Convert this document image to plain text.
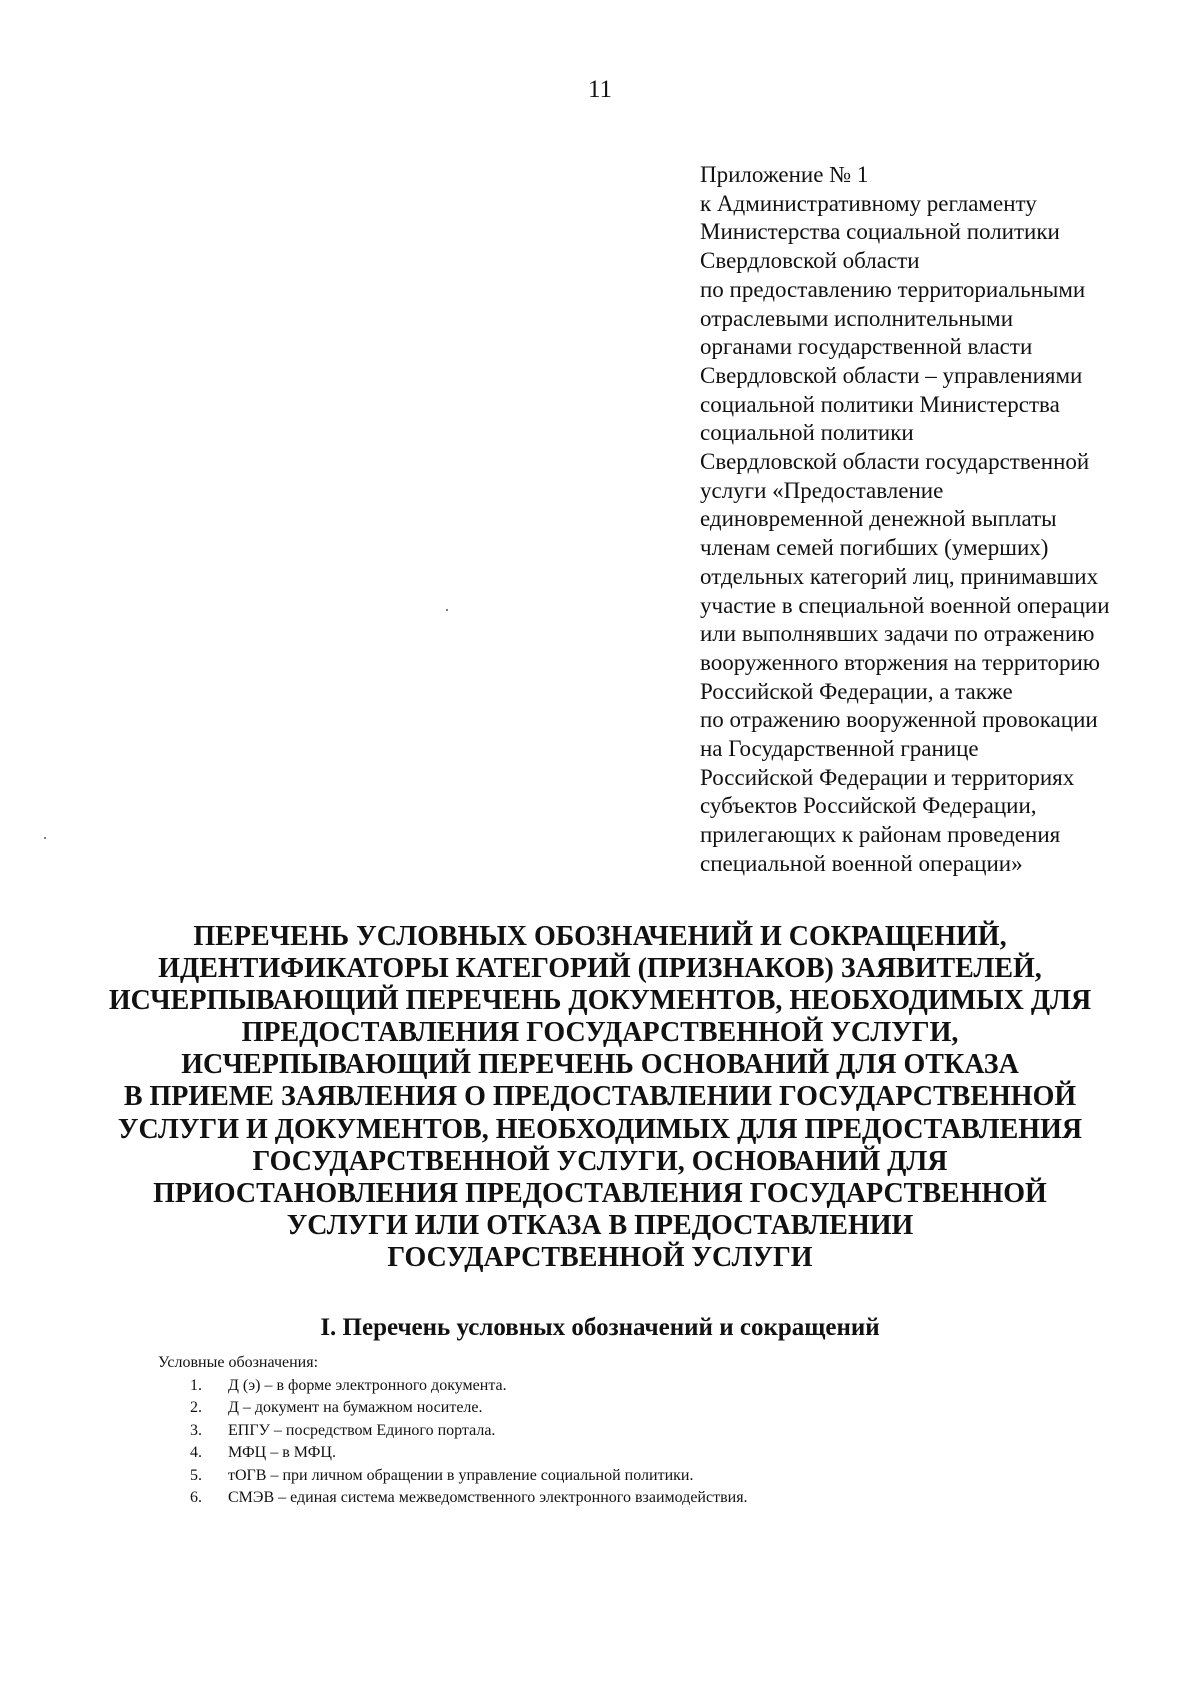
11
Приложение № 1
к Административному регламенту
Министерства социальной политики
Свердловской области
по предоставлению территориальными
отраслевыми исполнительными
органами государственной власти
Свердловской области – управлениями
социальной политики Министерства
социальной политики
Свердловской области государственной
услуги «Предоставление
единовременной денежной выплаты
членам семей погибших (умерших)
отдельных категорий лиц, принимавших
участие в специальной военной операции
или выполнявших задачи по отражению
вооруженного вторжения на территорию
Российской Федерации, а также
по отражению вооруженной провокации
на Государственной границе
Российской Федерации и территориях
субъектов Российской Федерации,
прилегающих к районам проведения
специальной военной операции»
ПЕРЕЧЕНЬ УСЛОВНЫХ ОБОЗНАЧЕНИЙ И СОКРАЩЕНИЙ,
ИДЕНТИФИКАТОРЫ КАТЕГОРИЙ (ПРИЗНАКОВ) ЗАЯВИТЕЛЕЙ,
ИСЧЕРПЫВАЮЩИЙ ПЕРЕЧЕНЬ ДОКУМЕНТОВ, НЕОБХОДИМЫХ ДЛЯ
ПРЕДОСТАВЛЕНИЯ ГОСУДАРСТВЕННОЙ УСЛУГИ,
ИСЧЕРПЫВАЮЩИЙ ПЕРЕЧЕНЬ ОСНОВАНИЙ ДЛЯ ОТКАЗА
В ПРИЕМЕ ЗАЯВЛЕНИЯ О ПРЕДОСТАВЛЕНИИ ГОСУДАРСТВЕННОЙ
УСЛУГИ И ДОКУМЕНТОВ, НЕОБХОДИМЫХ ДЛЯ ПРЕДОСТАВЛЕНИЯ
ГОСУДАРСТВЕННОЙ УСЛУГИ, ОСНОВАНИЙ ДЛЯ
ПРИОСТАНОВЛЕНИЯ ПРЕДОСТАВЛЕНИЯ ГОСУДАРСТВЕННОЙ
УСЛУГИ ИЛИ ОТКАЗА В ПРЕДОСТАВЛЕНИИ
ГОСУДАРСТВЕННОЙ УСЛУГИ
I. Перечень условных обозначений и сокращений
Условные обозначения:
1. Д (э) – в форме электронного документа.
2. Д – документ на бумажном носителе.
3. ЕПГУ – посредством Единого портала.
4. МФЦ – в МФЦ.
5. тОГВ – при личном обращении в управление социальной политики.
6. СМЭВ – единая система межведомственного электронного взаимодействия.
